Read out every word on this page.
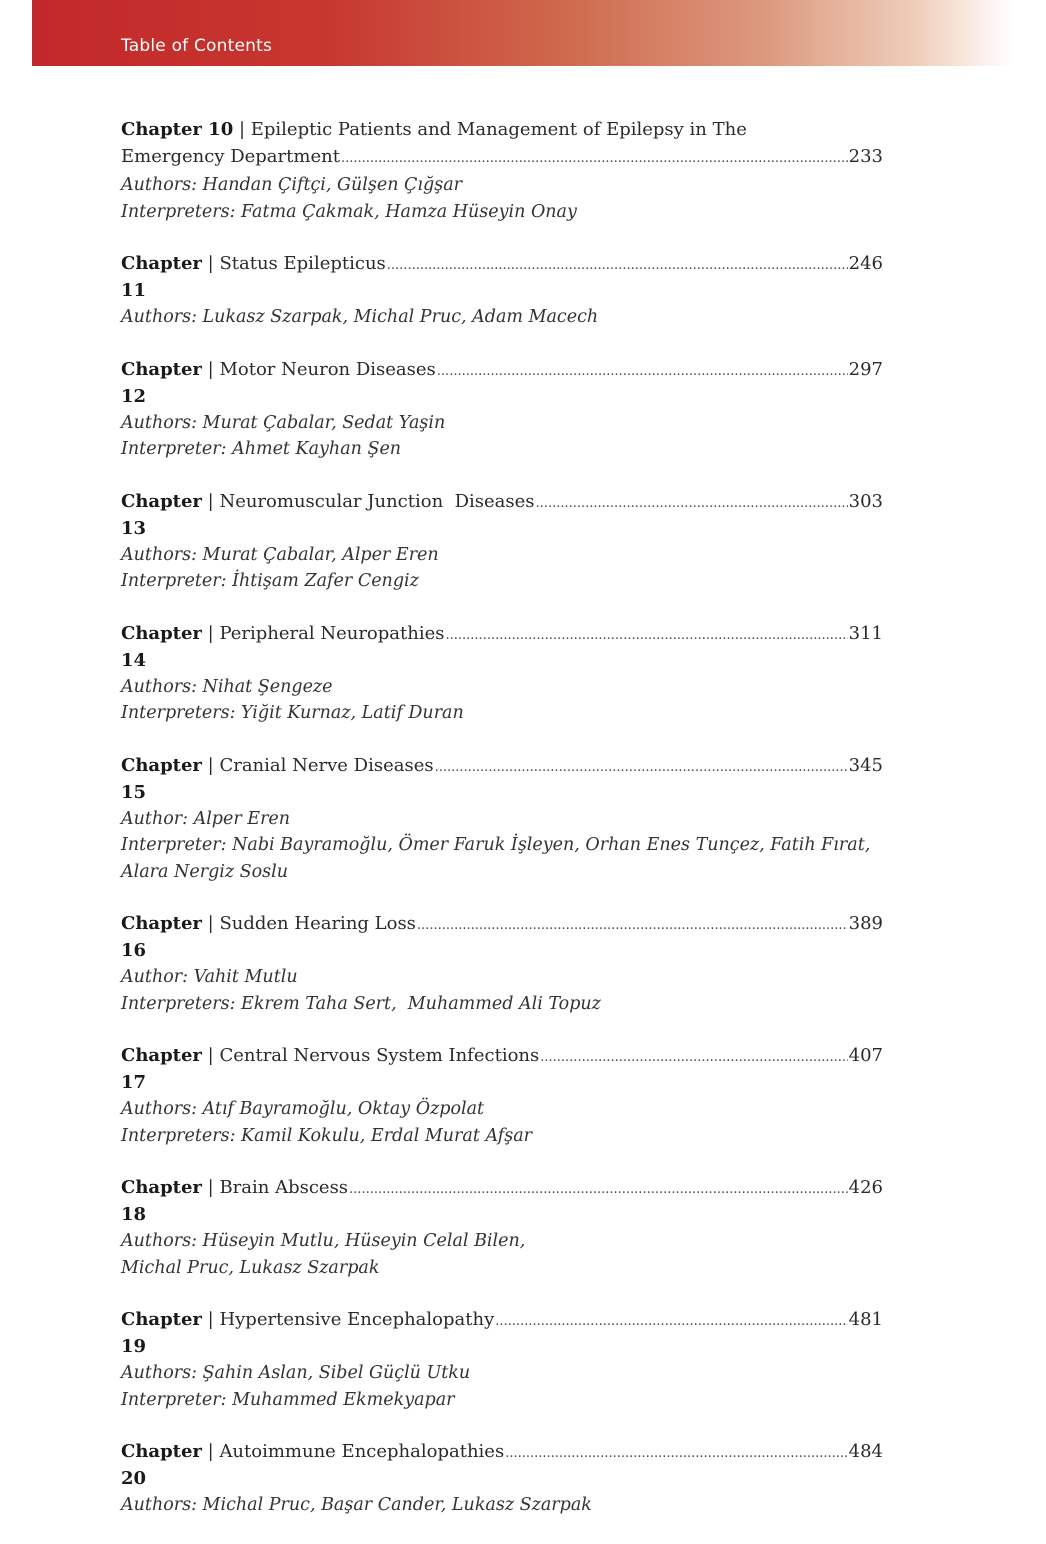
Table of Contents
Chapter 10 | Epileptic Patients and Management of Epilepsy in The
Emergency Department .....	233
Authors: Handan Çiftçi, Gülşen Çığşar
Interpreters: Fatma Çakmak, Hamza Hüseyin Onay
Chapter 11
| Status Epilepticus .....	246
Authors: Lukasz Szarpak, Michal Pruc, Adam Macech
Chapter 12
| Motor Neuron Diseases .....	297
Authors: Murat Çabalar, Sedat Yaşin
Interpreter: Ahmet Kayhan Şen
Chapter 13
| Neuromuscular Junction  Diseases .....	303
Authors: Murat Çabalar, Alper Eren
Interpreter: İhtişam Zafer Cengiz
Chapter 14
| Peripheral Neuropathies .....	311
Authors: Nihat Şengeze
Interpreters: Yiğit Kurnaz, Latif Duran
Chapter 15
| Cranial Nerve Diseases .....	345
Author: Alper Eren
Interpreter: Nabi Bayramoğlu, Ömer Faruk İşleyen, Orhan Enes Tunçez, Fatih Fırat,
Alara Nergiz Soslu
Chapter 16
| Sudden Hearing Loss .....	389
Author: Vahit Mutlu
Interpreters: Ekrem Taha Sert,  Muhammed Ali Topuz
Chapter 17
| Central Nervous System Infections .....	407
Authors: Atıf Bayramoğlu, Oktay Özpolat
Interpreters: Kamil Kokulu, Erdal Murat Afşar
Chapter 18
| Brain Abscess .....	426
Authors: Hüseyin Mutlu, Hüseyin Celal Bilen,
Michal Pruc, Lukasz Szarpak
Chapter 19
| Hypertensive Encephalopathy .....	481
Authors: Şahin Aslan, Sibel Güçlü Utku
Interpreter: Muhammed Ekmekyapar
Chapter 20
| Autoimmune Encephalopathies .....	484
Authors: Michal Pruc, Başar Cander, Lukasz Szarpak
